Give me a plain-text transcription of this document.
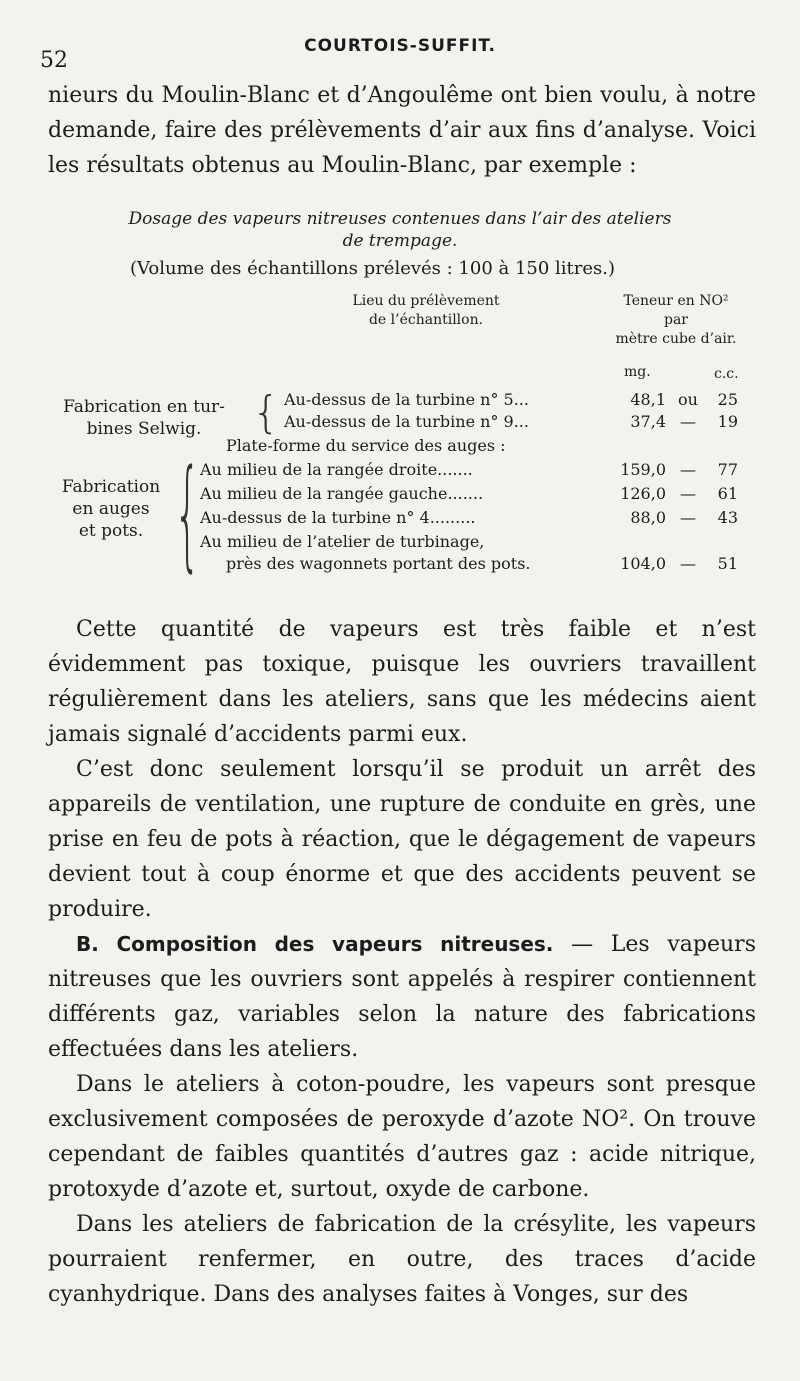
52
COURTOIS-SUFFIT.

nieurs du Moulin-Blanc et d’Angoulême ont bien voulu, à notre demande, faire des prélèvements d’air aux fins d’analyse. Voici les résultats obtenus au Moulin-Blanc, par exemple :

Dosage des vapeurs nitreuses contenues dans l’air des ateliers
de trempage.
(Volume des échantillons prélevés : 100 à 150 litres.)
Lieu du prélèvement
de l’échantillon.
Teneur en NO²
par
mètre cube d’air.
mg.	c.c.
Fabrication en tur-
bines Selwig.	{ Au-dessus de la turbine n° 5...	48,1 ou	25
Au-dessus de la turbine n° 9...	37,4 —	19
Plate-forme du service des auges :
Fabrication
en auges
et pots. { Au milieu de la rangée droite.......	159,0 —	77
Au milieu de la rangée gauche.......	126,0 —	61
Au-dessus de la turbine n° 4.........	88,0 —	43
Au milieu de l’atelier de turbinage,
près des wagonnets portant des pots.	104,0 —	51

Cette quantité de vapeurs est très faible et n’est évidemment pas toxique, puisque les ouvriers travaillent régulièrement dans les ateliers, sans que les médecins aient jamais signalé d’accidents parmi eux.

C’est donc seulement lorsqu’il se produit un arrêt des appareils de ventilation, une rupture de conduite en grès, une prise en feu de pots à réaction, que le dégagement de vapeurs devient tout à coup énorme et que des accidents peuvent se produire.

B. Composition des vapeurs nitreuses. — Les vapeurs nitreuses que les ouvriers sont appelés à respirer contiennent différents gaz, variables selon la nature des fabrications effectuées dans les ateliers.

Dans le ateliers à coton-poudre, les vapeurs sont presque exclusivement composées de peroxyde d’azote NO². On trouve cependant de faibles quantités d’autres gaz : acide nitrique, protoxyde d’azote et, surtout, oxyde de carbone.

Dans les ateliers de fabrication de la crésylite, les vapeurs pourraient renfermer, en outre, des traces d’acide cyanhydrique. Dans des analyses faites à Vonges, sur des
